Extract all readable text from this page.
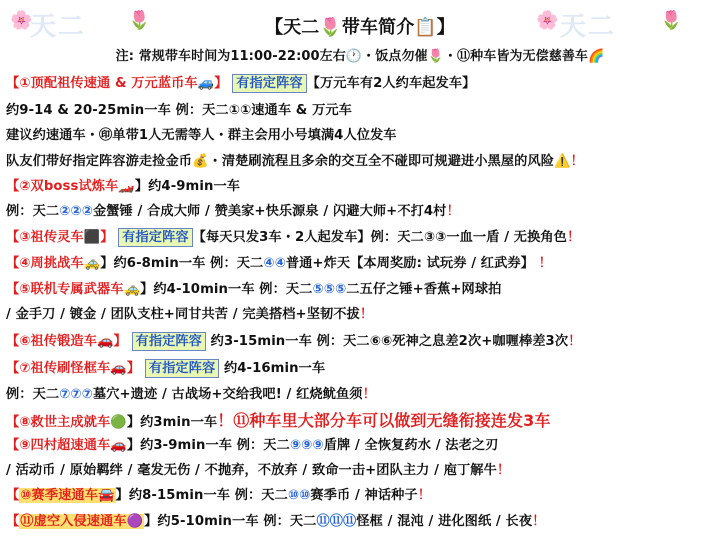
天二	天二
🌸	🌷	🌸	🌷
【天二🌷带车简介📋】
注: 常规带车时间为11:00-22:00左右🕐・饭点勿催🌷・⑪种车皆为无偿慈善车🌈
【①顶配祖传速通 & 万元蓝币车🚙】 有指定阵容 【万元车有2人约车起发车】
约9-14 & 20-25min一车 例：天二①①速通车 & 万元车
建议约速通车・㊞单带1人无需等人・群主会用小号填满4人位发车
队友们带好指定阵容游走捡金币💰・清楚刷流程且多余的交互全不碰即可规避进小黑屋的风险⚠️！
【②双boss试炼车🏎️】约4-9min一车
例：天二②②②金蟹锤 / 合成大师 / 赞美家+快乐源泉 / 闪避大师+不打4村！
【③祖传灵车⬛】 有指定阵容 【每天只发3车・2人起发车】例：天二③③一血一盾 / 无换角色！
【④周挑战车🚕】约6-8min一车 例：天二④④普通+炸天【本周奖励: 试玩券 / 红武券】 ！
【⑤联机专属武器车🚕】约4-10min一车 例：天二⑤⑤⑤二五仔之锤+香蕉+网球拍
/ 金手刀 / 镀金 / 团队支柱+同甘共苦 / 完美搭档+坚韧不拔！
【⑥祖传锻造车🚗】 有指定阵容 约3-15min一车 例：天二⑥⑥死神之息差2次+咖喱棒差3次！
【⑦祖传刷怪框车🚗】 有指定阵容 约4-16min一车
例：天二⑦⑦⑦墓穴+遗迹 / 古战场+交给我吧! / 红烧鱿鱼须！
【⑧救世主成就车🟢】约3min一车！⑪种车里大部分车可以做到无缝衔接连发3车
【⑨四村超速通车🚗】约3-9min一车 例：天二⑨⑨⑨盾牌 / 全恢复药水 / 法老之刃
/ 活动币 / 原始羁绊 / 毫发无伤 / 不抛弃，不放弃 / 致命一击+团队主力 / 庖丁解牛！
【⑩赛季速通车🚘】约8-15min一车 例：天二⑩⑩赛季币 / 神话种子！
【⑪虚空入侵速通车🟣】约5-10min一车 例：天二⑪⑪⑪怪框 / 混沌 / 进化图纸 / 长夜！
